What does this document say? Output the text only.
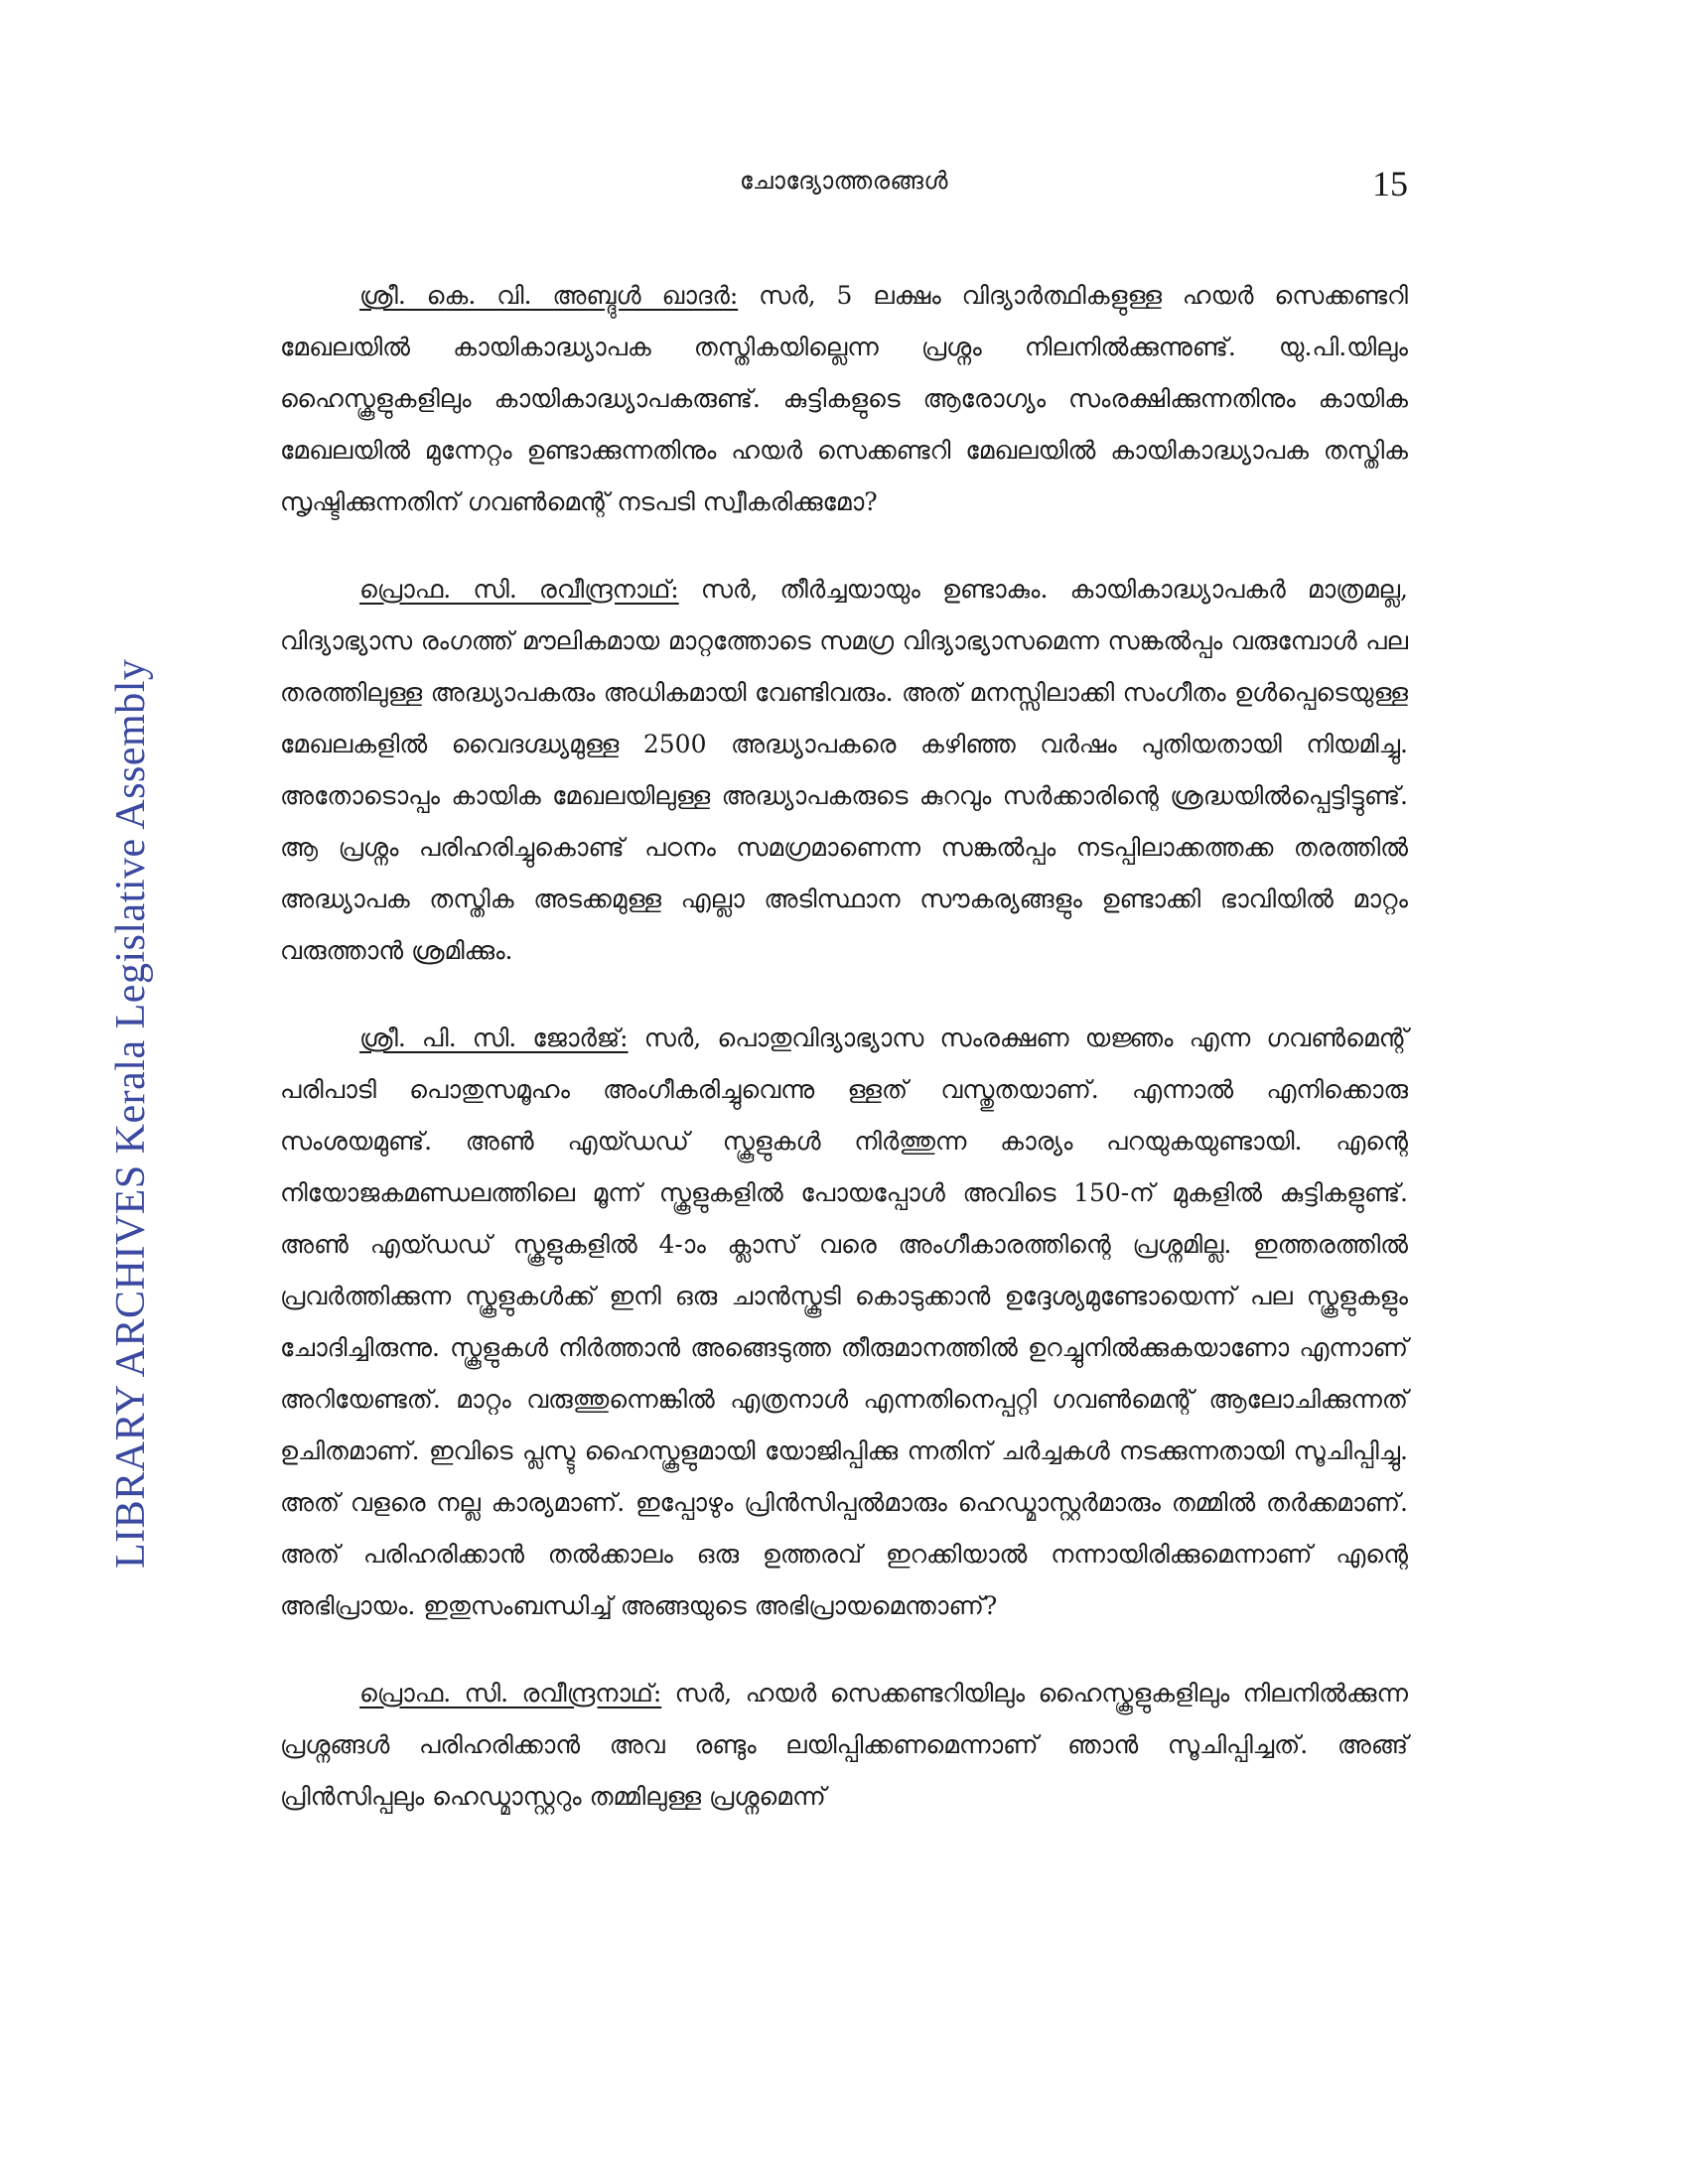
ചോദ്യോത്തരങ്ങൾ	15
LIBRARY ARCHIVES Kerala Legislative Assembly

ശ്രീ. കെ. വി. അബ്ദുൾ ഖാദർ: സർ, 5 ലക്ഷം വിദ്യാർത്ഥികളുള്ള ഹയർ സെക്കണ്ടറി മേഖലയിൽ കായികാദ്ധ്യാപക തസ്തികയില്ലെന്ന പ്രശ്നം നിലനിൽക്കുന്നുണ്ട്. യു.പി.യിലും ഹൈസ്കൂളുകളിലും കായികാദ്ധ്യാപകരുണ്ട്. കുട്ടികളുടെ ആരോഗ്യം സംരക്ഷിക്കുന്നതിനും കായിക മേഖലയിൽ മുന്നേറ്റം ഉണ്ടാക്കുന്നതിനും ഹയർ സെക്കണ്ടറി മേഖലയിൽ കായികാദ്ധ്യാപക തസ്തിക സൃഷ്ടിക്കുന്നതിന് ഗവൺമെന്റ് നടപടി സ്വീകരിക്കുമോ?

പ്രൊഫ. സി. രവീന്ദ്രനാഥ്: സർ, തീർച്ചയായും ഉണ്ടാകും. കായികാദ്ധ്യാപകർ മാത്രമല്ല, വിദ്യാഭ്യാസ രംഗത്ത് മൗലികമായ മാറ്റത്തോടെ സമഗ്ര വിദ്യാഭ്യാസമെന്ന സങ്കൽപ്പം വരുമ്പോൾ പല തരത്തിലുള്ള അദ്ധ്യാപകരും അധികമായി വേണ്ടിവരും. അത് മനസ്സിലാക്കി സംഗീതം ഉൾപ്പെടെയുള്ള മേഖലകളിൽ വൈദഗ്ദ്ധ്യമുള്ള 2500 അദ്ധ്യാപകരെ കഴിഞ്ഞ വർഷം പുതിയതായി നിയമിച്ചു. അതോടൊപ്പം കായിക മേഖലയിലുള്ള അദ്ധ്യാപകരുടെ കുറവും സർക്കാരിന്റെ ശ്രദ്ധയിൽപ്പെട്ടിട്ടുണ്ട്. ആ പ്രശ്നം പരിഹരിച്ചുകൊണ്ട് പഠനം സമഗ്രമാണെന്ന സങ്കൽപ്പം നടപ്പിലാക്കത്തക്ക തരത്തിൽ അദ്ധ്യാപക തസ്തിക അടക്കമുള്ള എല്ലാ അടിസ്ഥാന സൗകര്യങ്ങളും ഉണ്ടാക്കി ഭാവിയിൽ മാറ്റം വരുത്താൻ ശ്രമിക്കും.

ശ്രീ. പി. സി. ജോർജ്: സർ, പൊതുവിദ്യാഭ്യാസ സംരക്ഷണ യജ്ഞം എന്ന ഗവൺമെന്റ് പരിപാടി പൊതുസമൂഹം അംഗീകരിച്ചുവെന്നു ള്ളത് വസ്തുതയാണ്. എന്നാൽ എനിക്കൊരു സംശയമുണ്ട്. അൺ എയ്ഡഡ് സ്കൂളുകൾ നിർത്തുന്ന കാര്യം പറയുകയുണ്ടായി. എന്റെ നിയോജകമണ്ഡലത്തിലെ മൂന്ന് സ്കൂളുകളിൽ പോയപ്പോൾ അവിടെ 150-ന് മുകളിൽ കുട്ടികളുണ്ട്. അൺ എയ്ഡഡ് സ്കൂളുകളിൽ 4-ാം ക്ലാസ് വരെ അംഗീകാരത്തിന്റെ പ്രശ്നമില്ല. ഇത്തരത്തിൽ പ്രവർത്തിക്കുന്ന സ്കൂളുകൾക്ക് ഇനി ഒരു ചാൻസ്കൂടി കൊടുക്കാൻ ഉദ്ദേശ്യമുണ്ടോയെന്ന് പല സ്കൂളുകളും ചോദിച്ചിരുന്നു. സ്കൂളുകൾ നിർത്താൻ അങ്ങെടുത്ത തീരുമാനത്തിൽ ഉറച്ചുനിൽക്കുകയാണോ എന്നാണ് അറിയേണ്ടത്. മാറ്റം വരുത്തുന്നെങ്കിൽ എത്രനാൾ എന്നതിനെപ്പറ്റി ഗവൺമെന്റ് ആലോചിക്കുന്നത് ഉചിതമാണ്. ഇവിടെ പ്ലസ്ടു ഹൈസ്കൂളുമായി യോജിപ്പിക്കു ന്നതിന് ചർച്ചകൾ നടക്കുന്നതായി സൂചിപ്പിച്ചു. അത് വളരെ നല്ല കാര്യമാണ്. ഇപ്പോഴും പ്രിൻസിപ്പൽമാരും ഹെഡ്മാസ്റ്റർമാരും തമ്മിൽ തർക്കമാണ്. അത് പരിഹരിക്കാൻ തൽക്കാലം ഒരു ഉത്തരവ് ഇറക്കിയാൽ നന്നായിരിക്കുമെന്നാണ് എന്റെ അഭിപ്രായം. ഇതുസംബന്ധിച്ച് അങ്ങയുടെ അഭിപ്രായമെന്താണ്?

പ്രൊഫ. സി. രവീന്ദ്രനാഥ്: സർ, ഹയർ സെക്കണ്ടറിയിലും ഹൈസ്കൂളുകളിലും നിലനിൽക്കുന്ന പ്രശ്നങ്ങൾ പരിഹരിക്കാൻ അവ രണ്ടും ലയിപ്പിക്കണമെന്നാണ് ഞാൻ സൂചിപ്പിച്ചത്. അങ്ങ് പ്രിൻസിപ്പലും ഹെഡ്മാസ്റ്ററും തമ്മിലുള്ള പ്രശ്നമെന്ന്
